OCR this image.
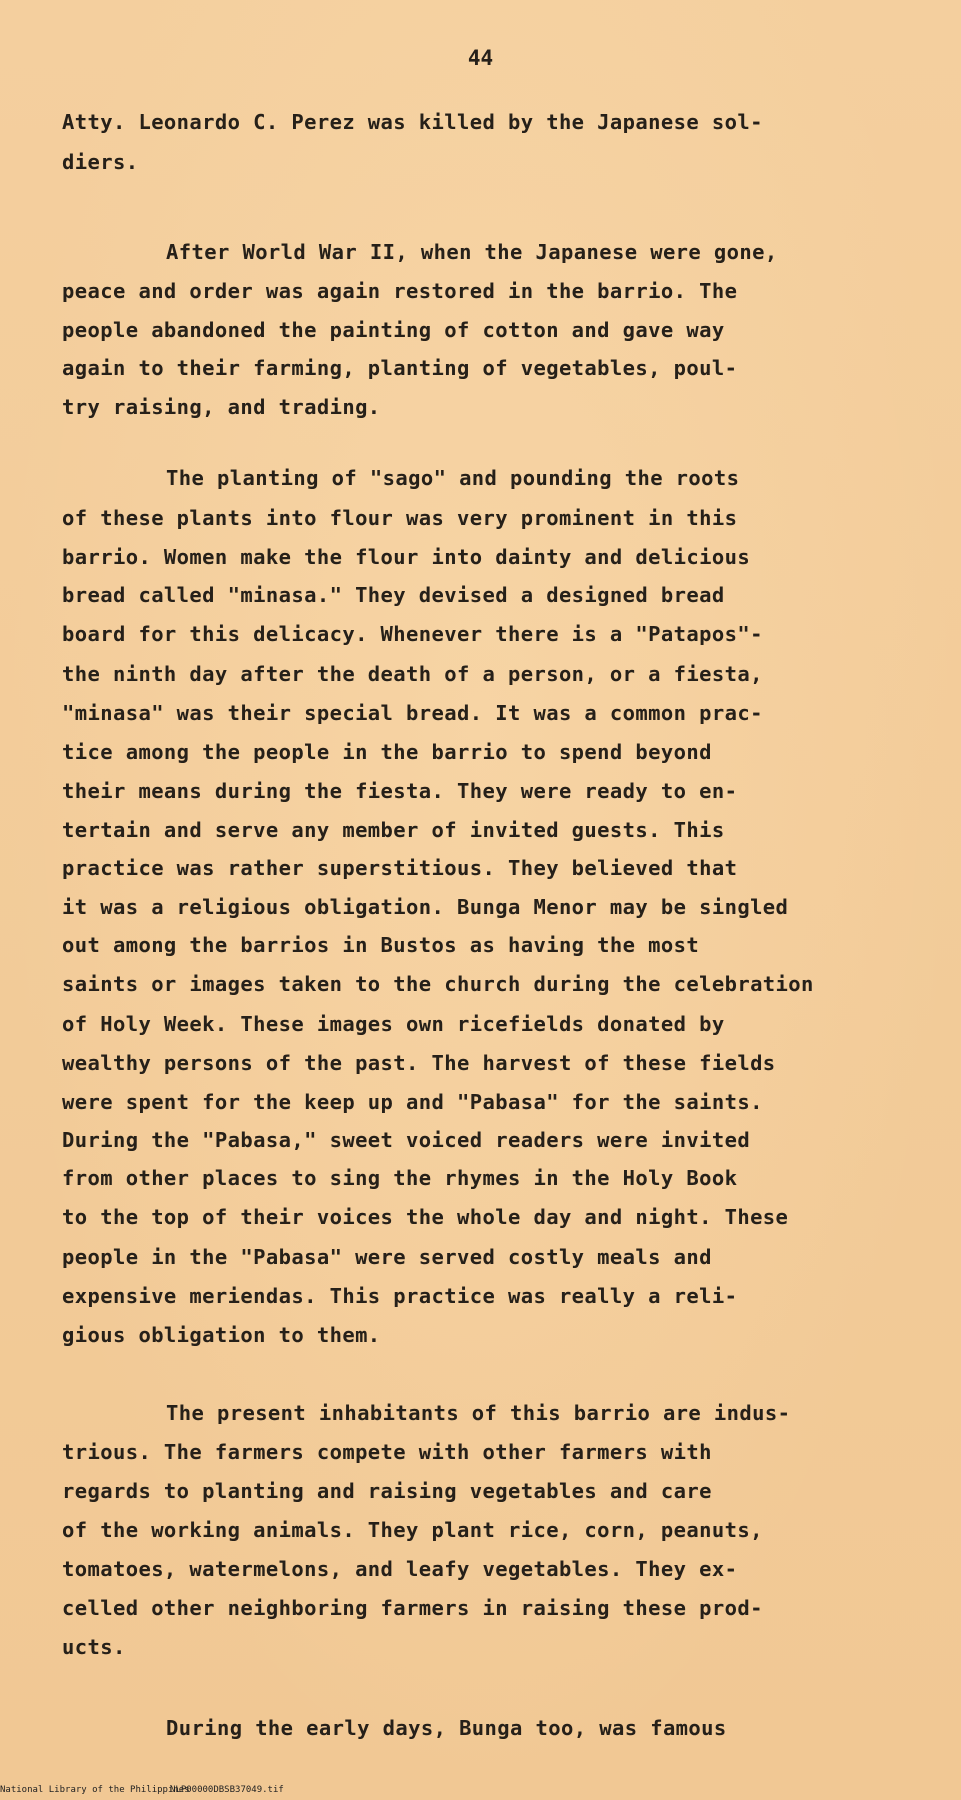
44
Atty. Leonardo C. Perez was killed by the Japanese sol-
diers.
After World War II, when the Japanese were gone,
peace and order was again restored in the barrio. The
people abandoned the painting of cotton and gave way
again to their farming, planting of vegetables, poul-
try raising, and trading.
The planting of "sago" and pounding the roots
of these plants into flour was very prominent in this
barrio. Women make the flour into dainty and delicious
bread called "minasa." They devised a designed bread
board for this delicacy. Whenever there is a "Patapos"-
the ninth day after the death of a person, or a fiesta,
"minasa" was their special bread. It was a common prac-
tice among the people in the barrio to spend beyond
their means during the fiesta. They were ready to en-
tertain and serve any member of invited guests. This
practice was rather superstitious. They believed that
it was a religious obligation. Bunga Menor may be singled
out among the barrios in Bustos as having the most
saints or images taken to the church during the celebration
of Holy Week. These images own ricefields donated by
wealthy persons of the past. The harvest of these fields
were spent for the keep up and "Pabasa" for the saints.
During the "Pabasa," sweet voiced readers were invited
from other places to sing the rhymes in the Holy Book
to the top of their voices the whole day and night. These
people in the "Pabasa" were served costly meals and
expensive meriendas. This practice was really a reli-
gious obligation to them.
The present inhabitants of this barrio are indus-
trious. The farmers compete with other farmers with
regards to planting and raising vegetables and care
of the working animals. They plant rice, corn, peanuts,
tomatoes, watermelons, and leafy vegetables. They ex-
celled other neighboring farmers in raising these prod-
ucts.
During the early days, Bunga too, was famous
National Library of the Philippines
NLP00000DBSB37049.tif
